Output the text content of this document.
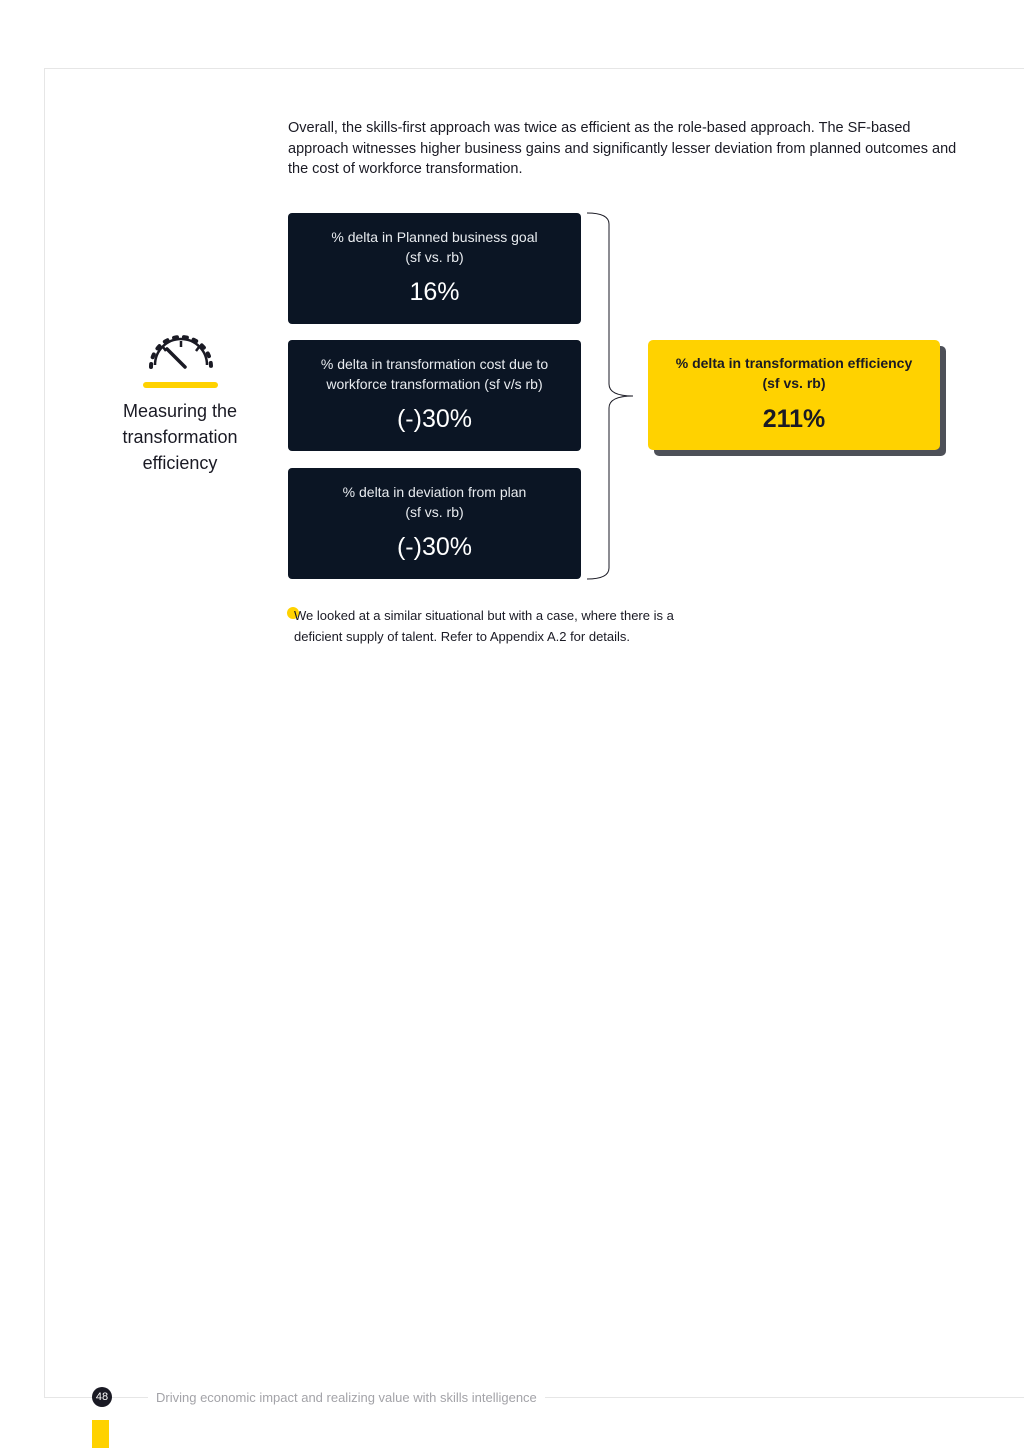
Overall, the skills-first approach was twice as efficient as the role-based approach. The SF-based approach witnesses higher business gains and significantly lesser deviation from planned outcomes and the cost of workforce transformation.

Measuring the transformation efficiency
% delta in Planned business goal
(sf vs. rb)
16%
% delta in transformation cost due to
workforce transformation (sf v/s rb)
(-)30%
% delta in deviation from plan
(sf vs. rb)
(-)30%
% delta in transformation efficiency
(sf vs. rb)
211%

We looked at a similar situational but with a case, where there is a deficient supply of talent. Refer to Appendix A.2 for details.

48	Driving economic impact and realizing value with skills intelligence
